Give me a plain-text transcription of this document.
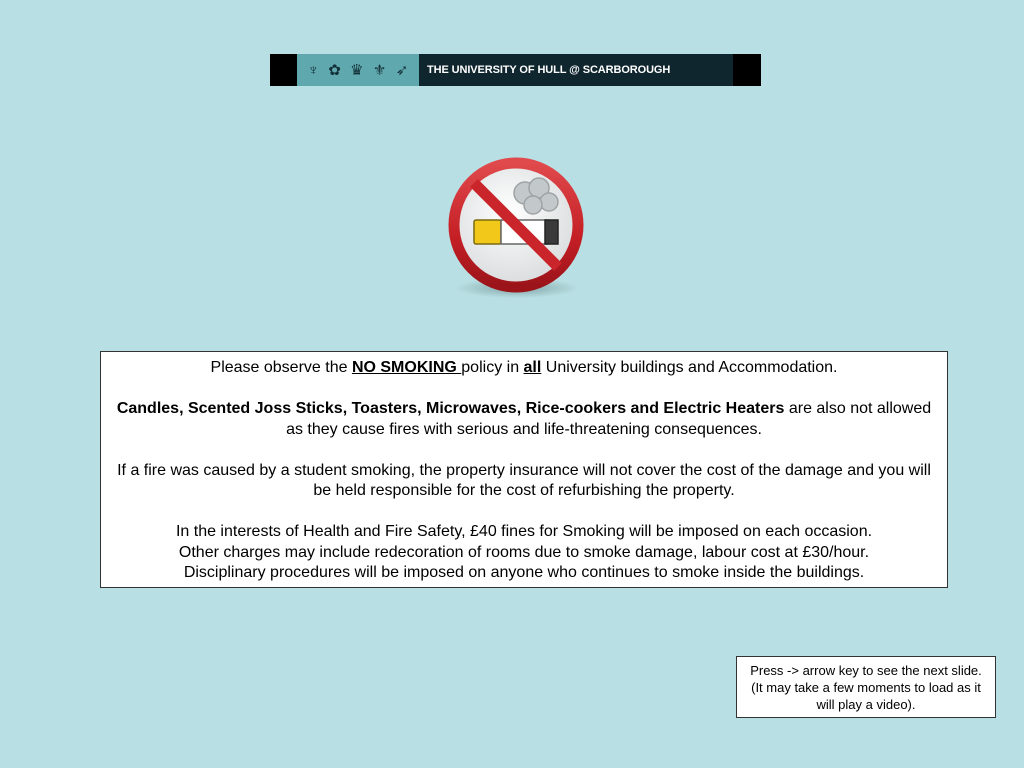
♆ ✿ ♛ ⚜ ➶ THE UNIVERSITY OF HULL @ SCARBOROUGH

Please observe the NO SMOKING policy in all University buildings and Accommodation.

Candles, Scented Joss Sticks, Toasters, Microwaves, Rice-cookers and Electric Heaters are also not allowed as they cause fires with serious and life-threatening consequences.

If a fire was caused by a student smoking, the property insurance will not cover the cost of the damage and you will be held responsible for the cost of refurbishing the property.

In the interests of Health and Fire Safety, £40 fines for Smoking will be imposed on each occasion.
Other charges may include redecoration of rooms due to smoke damage, labour cost at £30/hour.
Disciplinary procedures will be imposed on anyone who continues to smoke inside the buildings.

Press -> arrow key to see the next slide. (It may take a few moments to load as it will play a video).
